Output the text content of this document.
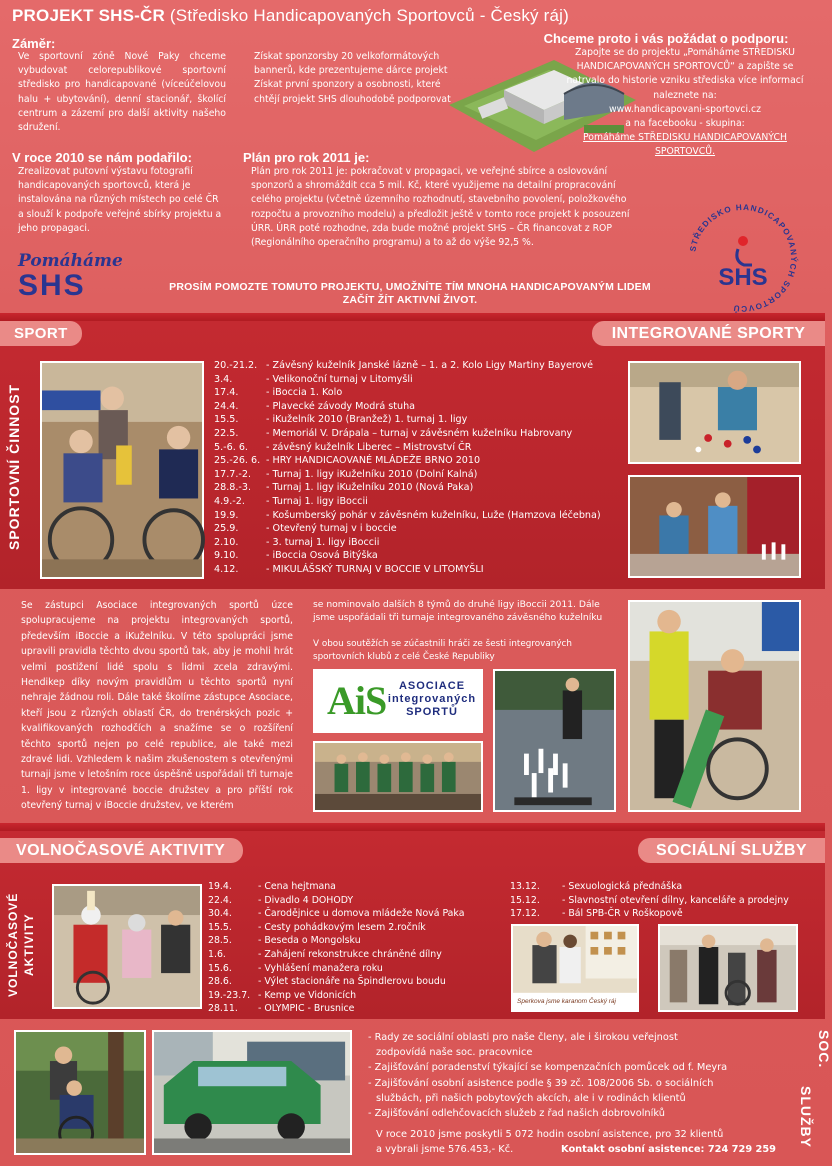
PROJEKT SHS-ČR (Středisko Handicapovaných Sportovců - Český ráj)
Záměr:
Ve sportovní zóně Nové Paky chceme vybudovat celorepublikové sportovní středisko pro handicapované (víceúčelovou halu + ubytování), denní stacionář, školící centrum a zázemí pro další aktivity našeho sdružení.
Získat sponzorsby 20 velkoformátových bannerů, kde prezentujeme dárce projekt Získat první sponzory a osobnosti, které chtějí projekt SHS dlouhodobě podporovat
Chceme proto i vás požádat o podporu:
Zapojte se do projektu „Pomáháme STŘEDISKU HANDICAPOVANÝCH SPORTOVCŮ“ a zapište se natrvalo do historie vzniku střediska více informací naleznete na:
www.handicapovani-sportovci.cz
a na facebooku - skupina:
Pomáháme STŘEDISKU HANDICAPOVANÝCH SPORTOVCŮ.
V roce 2010 se nám podařilo:
Zrealizovat putovní výstavu fotografií handicapovaných sportovců, která je instalována na různých místech po celé ČR a slouží k podpoře veřejné sbírky projektu a jeho propagaci.
Plán pro rok 2011 je:
Plán pro rok 2011 je: pokračovat v propagaci, ve veřejné sbírce a oslovování sponzorů a shromáždit cca 5 mil. Kč, které využijeme na detailní propracování celého projektu (včetně územního rozhodnutí, stavebního povolení, položkového rozpočtu a provozního modelu) a předložit ještě v tomto roce projekt k posouzení ÚRR. ÚRR poté rozhodne, zda bude možné projekt SHS – ČR financovat z ROP (Regionálního operačního programu) a to až do výše 92,5 %.
Pomáháme
SHS
STŘEDISKO HANDICAPOVANÝCH SPORTOVCŮ
SHS
PROSÍM POMOZTE TOMUTO PROJEKTU, UMOŽNÍTE TÍM MNOHA HANDICAPOVANÝM LIDEM
ZAČÍT ŽÍT AKTIVNÍ ŽIVOT.
SPORT	INTEGROVANÉ SPORTY
SPORTOVNÍ ČINNOST
20.-21.2. - Závěsný kuželník Janské lázně – 1. a 2. Kolo Ligy Martiny Bayerové
3.4.	- Velikonoční turnaj v Litomyšli
17.4.	- iBoccia 1. Kolo
24.4.	- Plavecké závody Modrá stuha
15.5.	- iKuželník 2010 (Branžež) 1. turnaj 1. ligy
22.5.	- Memoriál V. Drápala – turnaj v závěsném kuželníku Habrovany
5.-6. 6.	- závěsný kuželník Liberec – Mistrovství ČR
25.-26. 6. - HRY HANDICAOVANÉ MLÁDEŽE BRNO 2010
17.7.-2.	- Turnaj 1. ligy iKuželníku 2010 (Dolní Kalná)
28.8.-3.	- Turnaj 1. ligy iKuželníku 2010 (Nová Paka)
4.9.-2.	- Turnaj 1. ligy iBoccii
19.9.	- Košumberský pohár v závěsném kuželníku, Luže (Hamzova léčebna)
25.9.	- Otevřený turnaj v i boccie
2.10.	- 3. turnaj 1. ligy iBoccii
9.10.	- iBoccia Osová Bitýška
4.12.	- MIKULÁŠSKÝ TURNAJ V BOCCIE V LITOMYŠLI
Se zástupci Asociace integrovaných sportů úzce spolupracujeme na projektu integrovaných sportů, především iBoccie a iKuželníku. V této spolupráci jsme upravili pravidla těchto dvou sportů tak, aby je mohli hrát velmi postižení lidé spolu s lidmi zcela zdravými. Hendikep díky novým pravidlům u těchto sportů nyní nehraje žádnou roli. Dále také školíme zástupce Asociace, kteří jsou z různých oblastí ČR, do trenérských pozic + kvalifikovaných rozhodčích a snažíme se o rozšíření těchto sportů nejen po celé republice, ale také mezi zdravé lidi. Vzhledem k našim zkušenostem s otevřenými turnaji jsme v letošním roce úspěšně uspořádali tři turnaje 1. ligy v integrované boccie družstev a pro příští rok otevřený turnaj v iBoccie družstev, ve kterém
se nominovalo dalších 8 týmů do druhé ligy iBoccii 2011. Dále jsme uspořádali tři turnaje integrovaného závěsného kuželníku
V obou soutěžích se zúčastnili hráči ze šesti integrovaných sportovních klubů z celé České Republiky
AiS	ASOCIACE integrovaných SPORTŮ
VOLNOČASOVÉ AKTIVITY	SOCIÁLNÍ SLUŽBY
VOLNOČASOVÉ AKTIVITY
19.4.	- Cena hejtmana
22.4.	- Divadlo 4 DOHODY
30.4.	- Čarodějnice u domova mládeže Nová Paka
15.5.	- Cesty pohádkovým lesem 2.ročník
28.5.	- Beseda o Mongolsku
1.6.	- Zahájení rekonstrukce chráněné dílny
15.6.	- Vyhlášení manažera roku
28.6.	- Výlet stacionáře na Špindlerovu boudu
19.-23.7. - Kemp ve Vidonicích
28.11.	- OLYMPIC - Brusnice
13.12.	- Sexuologická přednáška
15.12.	- Slavnostní otevření dílny, kanceláře a prodejny
17.12.	- Bál SPB-ČR v Roškopově
Sperkova jsme karanom Český ráj
- Rady ze sociální oblasti pro naše členy, ale i širokou veřejnost
zodpovídá naše soc. pracovnice
- Zajišťování poradenství týkající se kompenzačních pomůcek od f. Meyra
- Zajišťování osobní asistence podle § 39 zč. 108/2006 Sb. o sociálních
službách, při našich pobytových akcích, ale i v rodinách klientů
- Zajišťování odlehčovacích služeb z řad našich dobrovolníků
V roce 2010 jsme poskytli 5 072 hodin osobní asistence, pro 32 klientů
a vybrali jsme 576.453,- Kč.	Kontakt osobní asistence: 724 729 259
SOC.
SLUŽBY
